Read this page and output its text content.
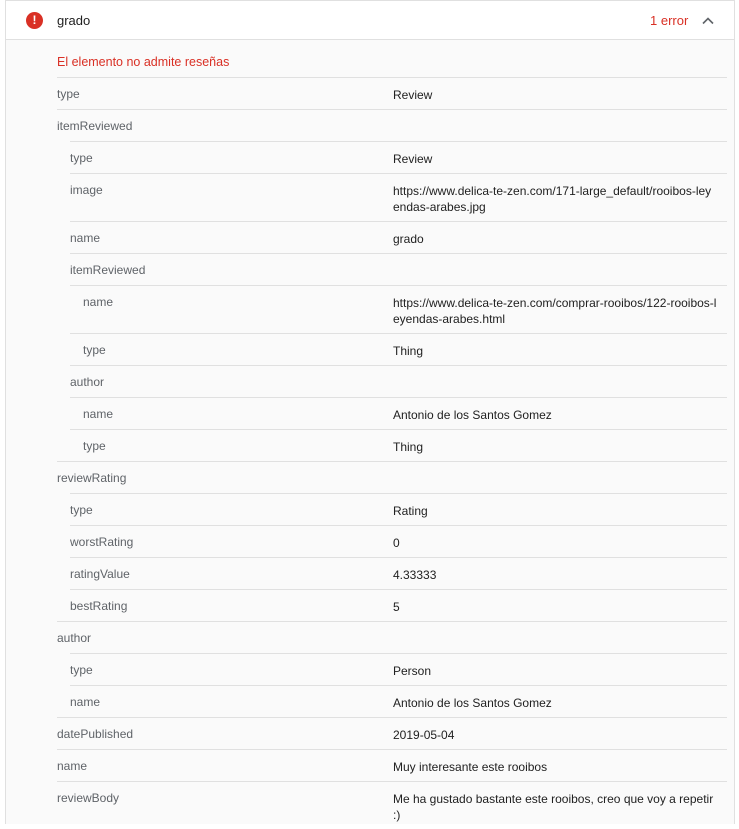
!	grado	1 error
El elemento no admite reseñas
type	Review
itemReviewed
type	Review
image	https://www.delica-te-zen.com/171-large_default/rooibos-leyendas-arabes.jpg
name	grado
itemReviewed
name	https://www.delica-te-zen.com/comprar-rooibos/122-rooibos-leyendas-arabes.html
type	Thing
author
name	Antonio de los Santos Gomez
type	Thing
reviewRating
type	Rating
worstRating	0
ratingValue	4.33333
bestRating	5
author
type	Person
name	Antonio de los Santos Gomez
datePublished	2019-05-04
name	Muy interesante este rooibos
reviewBody	Me ha gustado bastante este rooibos, creo que voy a repetir :)
